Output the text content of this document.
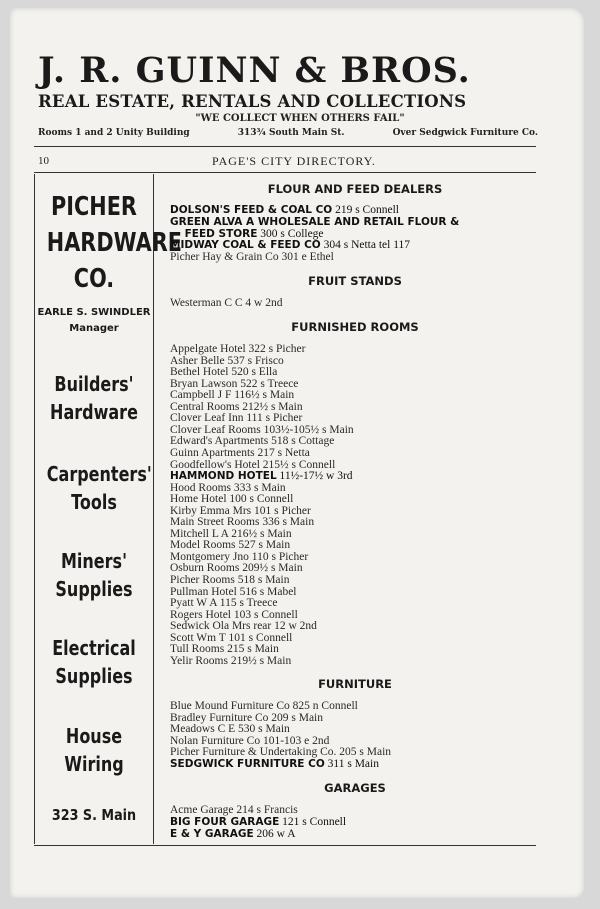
J. R. GUINN & BROS.
REAL ESTATE, RENTALS AND COLLECTIONS
"WE COLLECT WHEN OTHERS FAIL"
Rooms 1 and 2 Unity Building	313¾ South Main St.	Over Sedgwick Furniture Co.
10	PAGE'S CITY DIRECTORY.
PICHER
HARDWARE
CO.
EARLE S. SWINDLER
Manager
Builders'
Hardware
Carpenters'
Tools
Miners'
Supplies
Electrical
Supplies
House
Wiring
323 S. Main
FLOUR AND FEED DEALERS
DOLSON'S FEED & COAL CO 219 s Connell
GREEN ALVA A WHOLESALE AND RETAIL FLOUR &
FEED STORE 300 s College
MIDWAY COAL & FEED CO 304 s Netta tel 117
Picher Hay & Grain Co 301 e Ethel
FRUIT STANDS
Westerman C C 4 w 2nd
FURNISHED ROOMS
Appelgate Hotel 322 s Picher
Asher Belle 537 s Frisco
Bethel Hotel 520 s Ella
Bryan Lawson 522 s Treece
Campbell J F 116½ s Main
Central Rooms 212½ s Main
Clover Leaf Inn 111 s Picher
Clover Leaf Rooms 103½-105½ s Main
Edward's Apartments 518 s Cottage
Guinn Apartments 217 s Netta
Goodfellow's Hotel 215½ s Connell
HAMMOND HOTEL 11½-17½ w 3rd
Hood Rooms 333 s Main
Home Hotel 100 s Connell
Kirby Emma Mrs 101 s Picher
Main Street Rooms 336 s Main
Mitchell L A 216½ s Main
Model Rooms 527 s Main
Montgomery Jno 110 s Picher
Osburn Rooms 209½ s Main
Picher Rooms 518 s Main
Pullman Hotel 516 s Mabel
Pyatt W A 115 s Treece
Rogers Hotel 103 s Connell
Sedwick Ola Mrs rear 12 w 2nd
Scott Wm T 101 s Connell
Tull Rooms 215 s Main
Yelir Rooms 219½ s Main
FURNITURE
Blue Mound Furniture Co 825 n Connell
Bradley Furniture Co 209 s Main
Meadows C E 530 s Main
Nolan Furniture Co 101-103 e 2nd
Picher Furniture & Undertaking Co. 205 s Main
SEDGWICK FURNITURE CO 311 s Main
GARAGES
Acme Garage 214 s Francis
BIG FOUR GARAGE 121 s Connell
E & Y GARAGE 206 w A
